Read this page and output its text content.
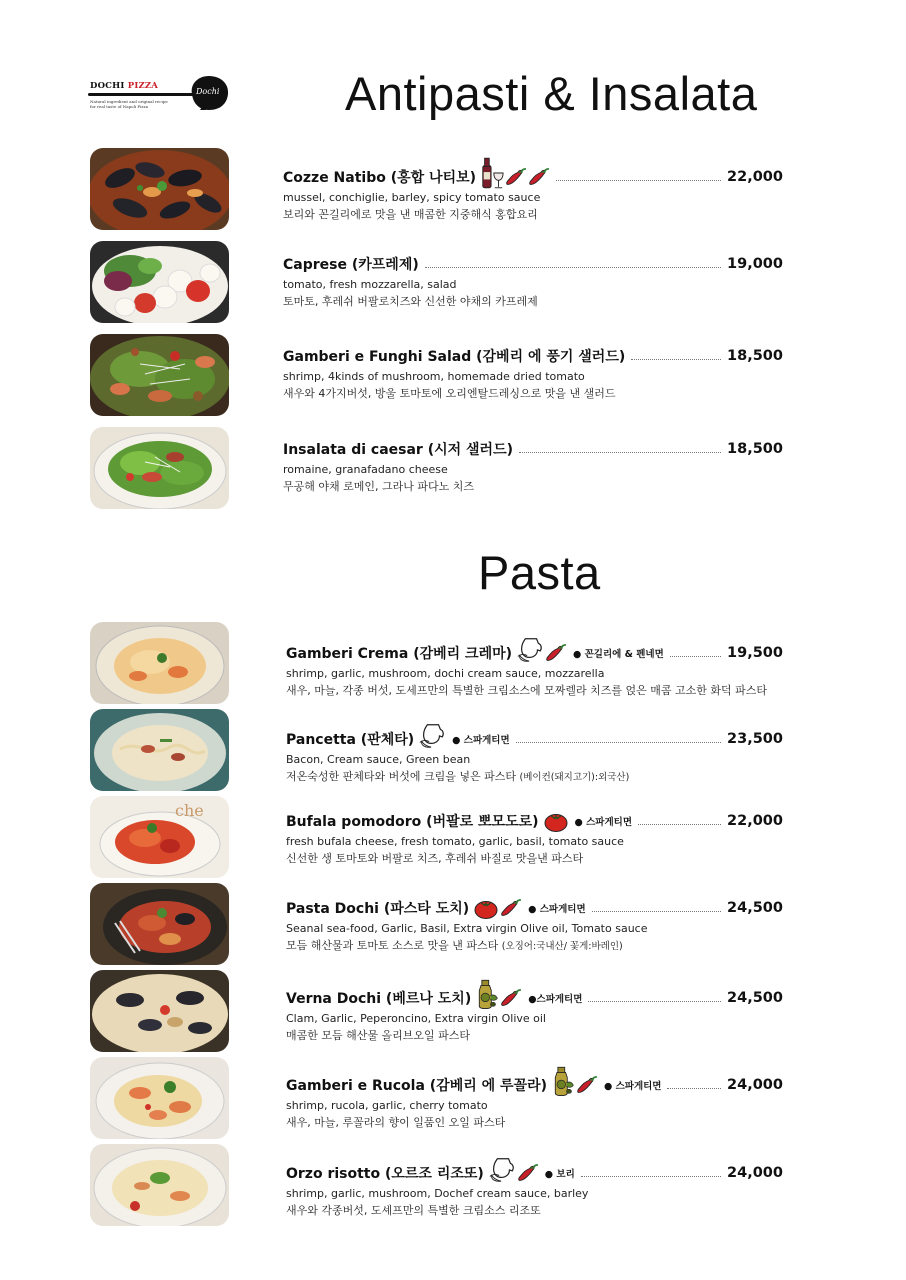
DOCHI PIZZA
Natural ingredient and original recipe
for real taste of Napoli Pizza
Dochi	Antipasti & Insalata
Pasta
che
Cozze Natibo (홍합 나티보)	22,000
mussel, conchiglie, barley, spicy tomato sauce
보리와 꼰길리에로 맛을 낸 매콤한 지중해식 홍합요리
Caprese (카프레제)	19,000
tomato, fresh mozzarella, salad
토마토, 후레쉬 버팔로치즈와 신선한 야채의 카프레제
Gamberi e Funghi Salad (감베리 에 풍기 샐러드)	18,500
shrimp, 4kinds of mushroom, homemade dried tomato
새우와 4가지버섯, 방울 토마토에 오리엔탈드레싱으로 맛을 낸 샐러드
Insalata di caesar (시저 샐러드)	18,500
romaine, granafadano cheese
무공해 야채 로메인, 그라나 파다노 치즈
Gamberi Crema (감베리 크레마)	● 꼰길리에 & 펜네면	19,500
shrimp, garlic, mushroom, dochi cream sauce, mozzarella
새우, 마늘, 각종 버섯, 도세프만의 특별한 크림소스에 모짜렐라 치즈를 얹은 매콤 고소한 화덕 파스타
Pancetta (판체타)	● 스파게티면	23,500
Bacon, Cream sauce, Green bean
저온숙성한 판체타와 버섯에 크림을 넣은 파스타 (베이컨(돼지고기):외국산)
Bufala pomodoro (버팔로 뽀모도로)	● 스파게티면	22,000
fresh bufala cheese, fresh tomato, garlic, basil, tomato sauce
신선한 생 토마토와 버팔로 치즈, 후레쉬 바질로 맛을낸 파스타
Pasta Dochi (파스타 도치)	● 스파게티면	24,500
Seanal sea-food, Garlic, Basil, Extra virgin Olive oil, Tomato sauce
모듬 해산물과 토마토 소스로 맛을 낸 파스타 (오징어:국내산/ 꽃게:바레인)
Verna Dochi (베르나 도치)	●스파게티면	24,500
Clam, Garlic, Peperoncino, Extra virgin Olive oil
매콤한 모듬 해산물 올리브오일 파스타
Gamberi e Rucola (감베리 에 루꼴라)	● 스파게티면	24,000
shrimp, rucola, garlic, cherry tomato
새우, 마늘, 루꼴라의 향이 일품인 오일 파스타
Orzo risotto (오르조 리조또)	● 보리	24,000
shrimp, garlic, mushroom, Dochef cream sauce, barley
새우와 각종버섯, 도셰프만의 특별한 크림소스 리조또
